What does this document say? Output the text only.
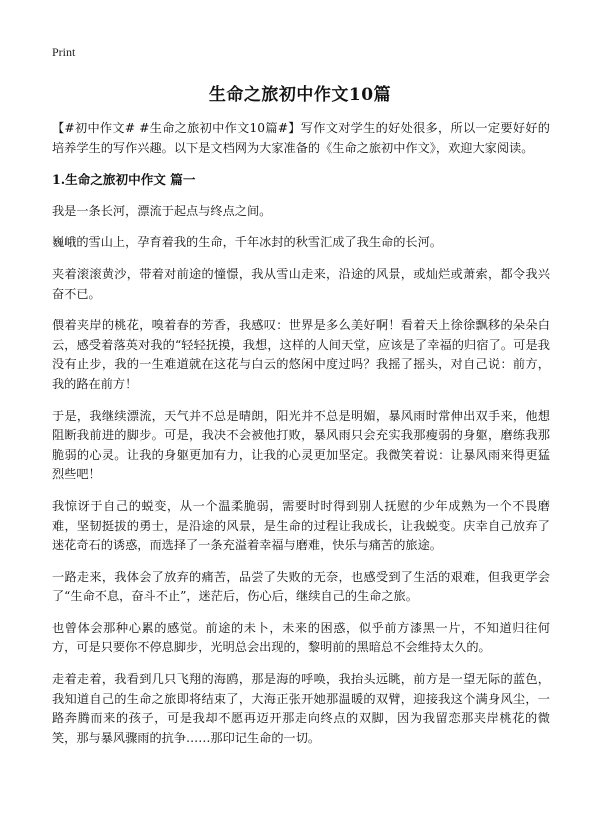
Print
生命之旅初中作文10篇

【#初中作文# #生命之旅初中作文10篇#】写作文对学生的好处很多，所以一定要好好的培养学生的写作兴趣。以下是文档网为大家准备的《生命之旅初中作文》，欢迎大家阅读。

1.生命之旅初中作文 篇一

我是一条长河，漂流于起点与终点之间。

巍峨的雪山上，孕育着我的生命，千年冰封的秋雪汇成了我生命的长河。

夹着滚滚黄沙，带着对前途的憧憬，我从雪山走来，沿途的风景，或灿烂或萧索，都令我兴奋不已。

偎着夹岸的桃花，嗅着春的芳香，我感叹：世界是多么美好啊！看着天上徐徐飘移的朵朵白云，感受着落英对我的“轻轻抚摸，我想，这样的人间天堂，应该是了幸福的归宿了。可是我没有止步，我的一生难道就在这花与白云的悠闲中度过吗？我摇了摇头，对自己说：前方，我的路在前方！

于是，我继续漂流，天气并不总是晴朗，阳光并不总是明媚，暴风雨时常伸出双手来，他想阻断我前进的脚步。可是，我决不会被他打败，暴风雨只会充实我那瘦弱的身躯，磨练我那脆弱的心灵。让我的身躯更加有力，让我的心灵更加坚定。我微笑着说：让暴风雨来得更猛烈些吧！

我惊讶于自己的蜕变，从一个温柔脆弱，需要时时得到别人抚慰的少年成熟为一个不畏磨难，坚韧挺拔的勇士，是沿途的风景，是生命的过程让我成长，让我蜕变。庆幸自己放弃了迷花奇石的诱惑，而选择了一条充溢着幸福与磨难，快乐与痛苦的旅途。

一路走来，我体会了放弃的痛苦，品尝了失败的无奈，也感受到了生活的艰难，但我更学会了“生命不息，奋斗不止”，迷茫后，伤心后，继续自己的生命之旅。

也曾体会那种心累的感觉。前途的未卜，未来的困惑，似乎前方漆黑一片，不知道归往何方，可是只要你不停息脚步，光明总会出现的，黎明前的黑暗总不会维持太久的。

走着走着，我看到几只飞翔的海鸥，那是海的呼唤，我抬头远眺，前方是一望无际的蓝色，我知道自己的生命之旅即将结束了，大海正张开她那温暖的双臂，迎接我这个满身风尘，一路奔腾而来的孩子，可是我却不愿再迈开那走向终点的双脚，因为我留恋那夹岸桃花的微笑，那与暴风骤雨的抗争……那印记生命的一切。
